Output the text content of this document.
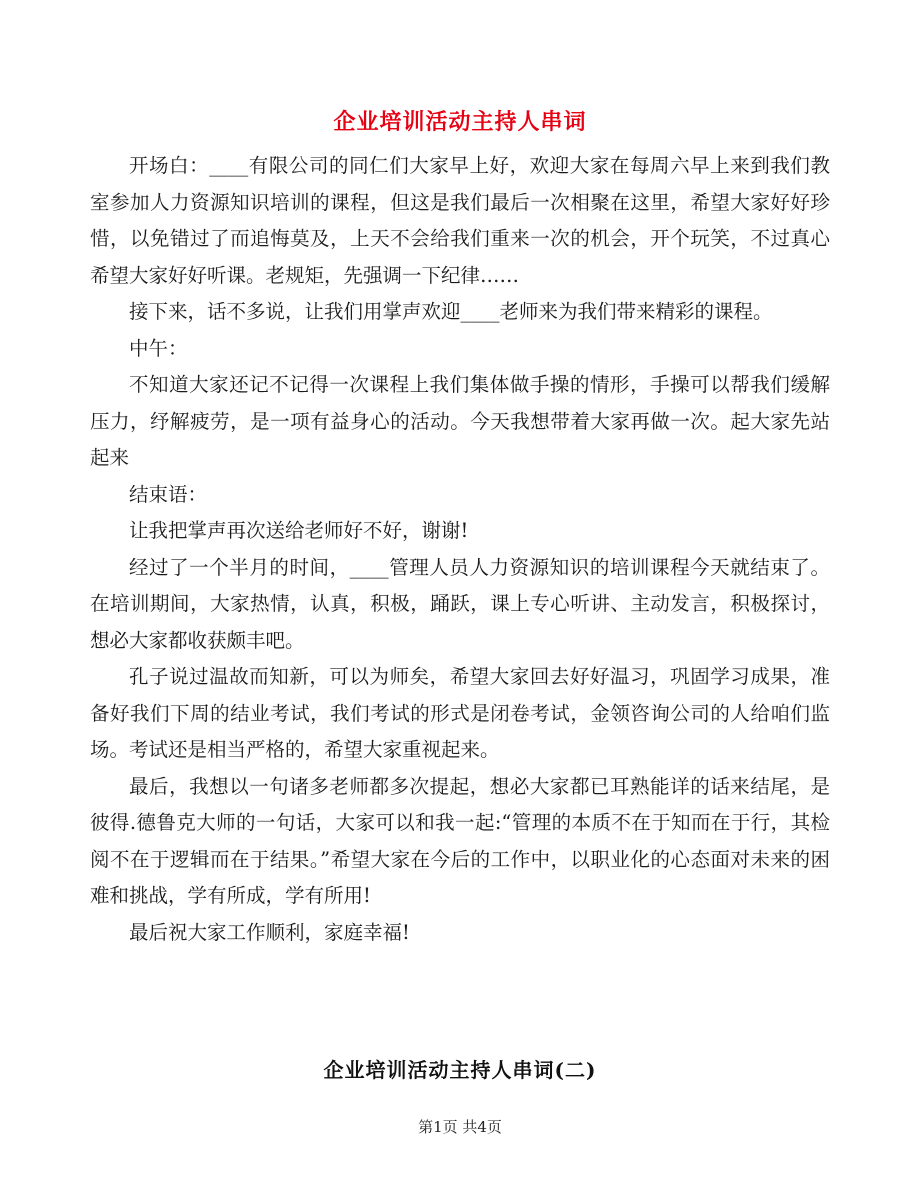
企业培训活动主持人串词

开场白：____有限公司的同仁们大家早上好，欢迎大家在每周六早上来到我们教室参加人力资源知识培训的课程，但这是我们最后一次相聚在这里，希望大家好好珍惜，以免错过了而追悔莫及，上天不会给我们重来一次的机会，开个玩笑，不过真心希望大家好好听课。老规矩，先强调一下纪律……

接下来，话不多说，让我们用掌声欢迎____老师来为我们带来精彩的课程。

中午：

不知道大家还记不记得一次课程上我们集体做手操的情形，手操可以帮我们缓解压力，纾解疲劳，是一项有益身心的活动。今天我想带着大家再做一次。起大家先站起来

结束语：

让我把掌声再次送给老师好不好，谢谢!

经过了一个半月的时间，____管理人员人力资源知识的培训课程今天就结束了。在培训期间，大家热情，认真，积极，踊跃，课上专心听讲、主动发言，积极探讨，想必大家都收获颇丰吧。

孔子说过温故而知新，可以为师矣，希望大家回去好好温习，巩固学习成果，准备好我们下周的结业考试，我们考试的形式是闭卷考试，金领咨询公司的人给咱们监场。考试还是相当严格的，希望大家重视起来。

最后，我想以一句诸多老师都多次提起，想必大家都已耳熟能详的话来结尾，是彼得.德鲁克大师的一句话，大家可以和我一起:“管理的本质不在于知而在于行，其检阅不在于逻辑而在于结果。”希望大家在今后的工作中，以职业化的心态面对未来的困难和挑战，学有所成，学有所用!

最后祝大家工作顺利，家庭幸福!

企业培训活动主持人串词(二)
第1页 共4页
